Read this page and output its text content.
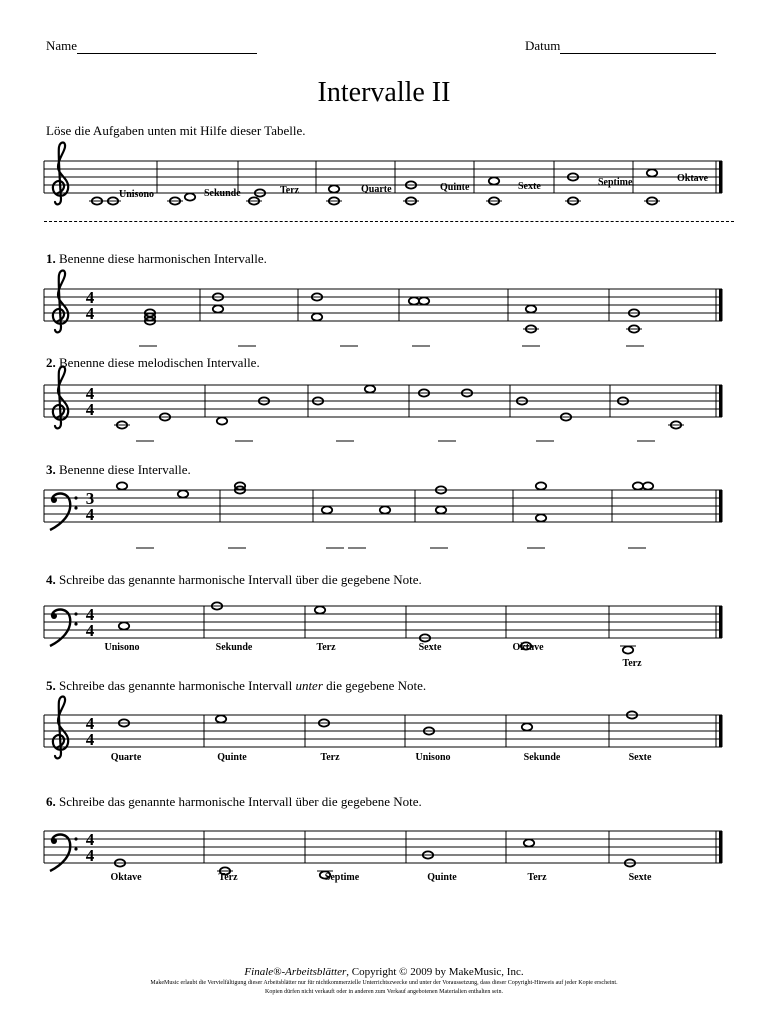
Name	Datum
Intervalle II
Löse die Aufgaben unten mit Hilfe dieser Tabelle.
1. Benenne diese harmonischen Intervalle.
2. Benenne diese melodischen Intervalle.
3. Benenne diese Intervalle.
4. Schreibe das genannte harmonische Intervall über die gegebene Note.
5. Schreibe das genannte harmonische Intervall unter die gegebene Note.
6. Schreibe das genannte harmonische Intervall über die gegebene Note.
4
4
4
4
3
4
4
4
4
4
4
4
Unisono	Sekunde	Terz	Quarte	Quinte	Sexte	Septime	Oktave
Unisono	Sekunde	Terz	Sexte	Oktave
Terz
Quarte	Quinte	Terz	Unisono	Sekunde	Sexte
Oktave	Terz	Septime	Quinte	Terz	Sexte
Finale®-Arbeitsblätter, Copyright © 2009 by MakeMusic, Inc.
MakeMusic erlaubt die Vervielfältigung dieser Arbeitsblätter nur für nichtkommerzielle Unterrichtszwecke und unter der Voraussetzung, dass dieser Copyright-Hinweis auf jeder Kopie erscheint.
Kopien dürfen nicht verkauft oder in anderen zum Verkauf angebotenen Materialien enthalten sein.
